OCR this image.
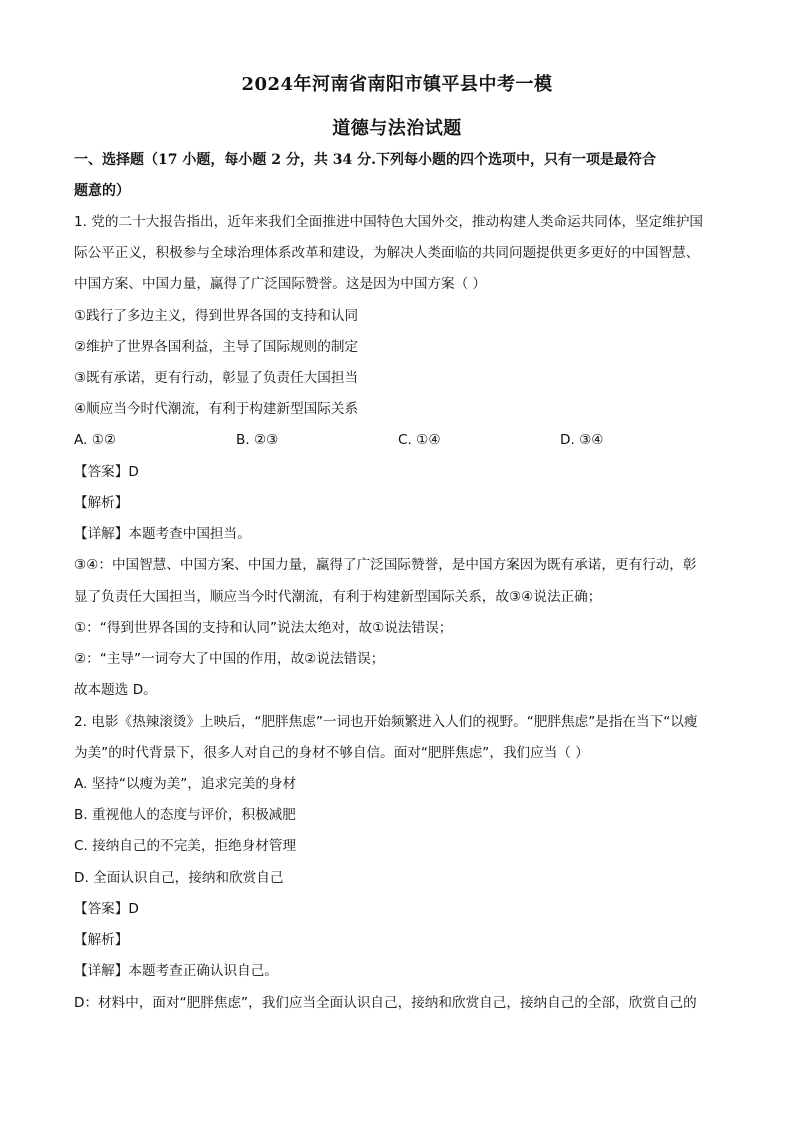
2024年河南省南阳市镇平县中考一模
道德与法治试题
一、选择题（17 小题，每小题 2 分，共 34 分.下列每小题的四个选项中，只有一项是最符合
题意的）
1. 党的二十大报告指出，近年来我们全面推进中国特色大国外交，推动构建人类命运共同体，坚定维护国
际公平正义，积极参与全球治理体系改革和建设，为解决人类面临的共同问题提供更多更好的中国智慧、
中国方案、中国力量，赢得了广泛国际赞誉。这是因为中国方案（ ）
①践行了多边主义，得到世界各国的支持和认同
②维护了世界各国利益，主导了国际规则的制定
③既有承诺，更有行动，彰显了负责任大国担当
④顺应当今时代潮流，有利于构建新型国际关系
A. ①②	B. ②③	C. ①④	D. ③④
【答案】D
【解析】
【详解】本题考查中国担当。
③④：中国智慧、中国方案、中国力量，赢得了广泛国际赞誉，是中国方案因为既有承诺，更有行动，彰
显了负责任大国担当，顺应当今时代潮流，有利于构建新型国际关系，故③④说法正确；
①：“得到世界各国的支持和认同”说法太绝对，故①说法错误；
②：“主导”一词夸大了中国的作用，故②说法错误；
故本题选 D。
2. 电影《热辣滚烫》上映后，“肥胖焦虑”一词也开始频繁进入人们的视野。“肥胖焦虑”是指在当下“以瘦
为美”的时代背景下，很多人对自己的身材不够自信。面对“肥胖焦虑”，我们应当（ ）
A. 坚持“以瘦为美”，追求完美的身材
B. 重视他人的态度与评价，积极减肥
C. 接纳自己的不完美，拒绝身材管理
D. 全面认识自己，接纳和欣赏自己
【答案】D
【解析】
【详解】本题考查正确认识自己。
D：材料中，面对“肥胖焦虑”，我们应当全面认识自己，接纳和欣赏自己，接纳自己的全部，欣赏自己的
